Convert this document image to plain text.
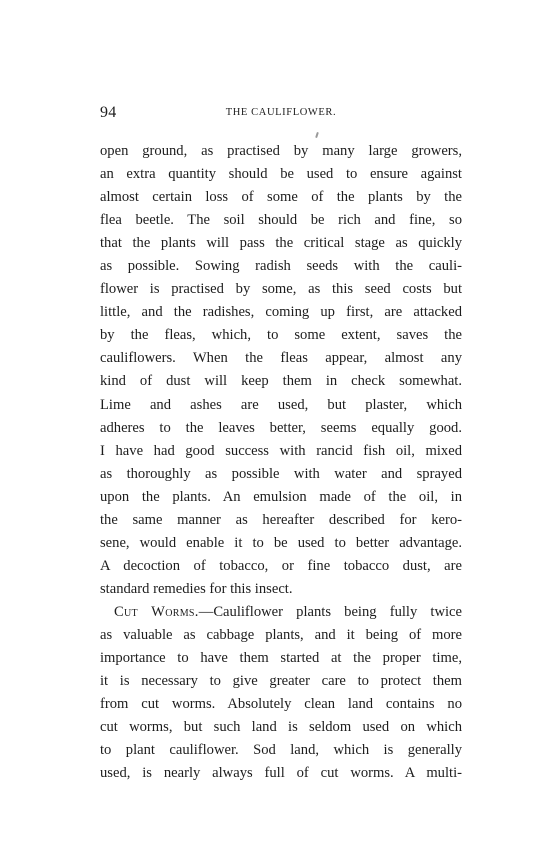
94	THE CAULIFLOWER.
open ground, as practised by many large growers,
an extra quantity should be used to ensure against
almost certain loss of some of the plants by the
flea beetle. The soil should be rich and fine, so
that the plants will pass the critical stage as quickly
as possible. Sowing radish seeds with the cauli-
flower is practised by some, as this seed costs but
little, and the radishes, coming up first, are attacked
by the fleas, which, to some extent, saves the
cauliflowers. When the fleas appear, almost any
kind of dust will keep them in check somewhat.
Lime and ashes are used, but plaster, which
adheres to the leaves better, seems equally good.
I have had good success with rancid fish oil, mixed
as thoroughly as possible with water and sprayed
upon the plants. An emulsion made of the oil, in
the same manner as hereafter described for kero-
sene, would enable it to be used to better advantage.
A decoction of tobacco, or fine tobacco dust, are
standard remedies for this insect.
Cut Worms.—Cauliflower plants being fully twice
as valuable as cabbage plants, and it being of more
importance to have them started at the proper time,
it is necessary to give greater care to protect them
from cut worms. Absolutely clean land contains no
cut worms, but such land is seldom used on which
to plant cauliflower. Sod land, which is generally
used, is nearly always full of cut worms. A multi-
